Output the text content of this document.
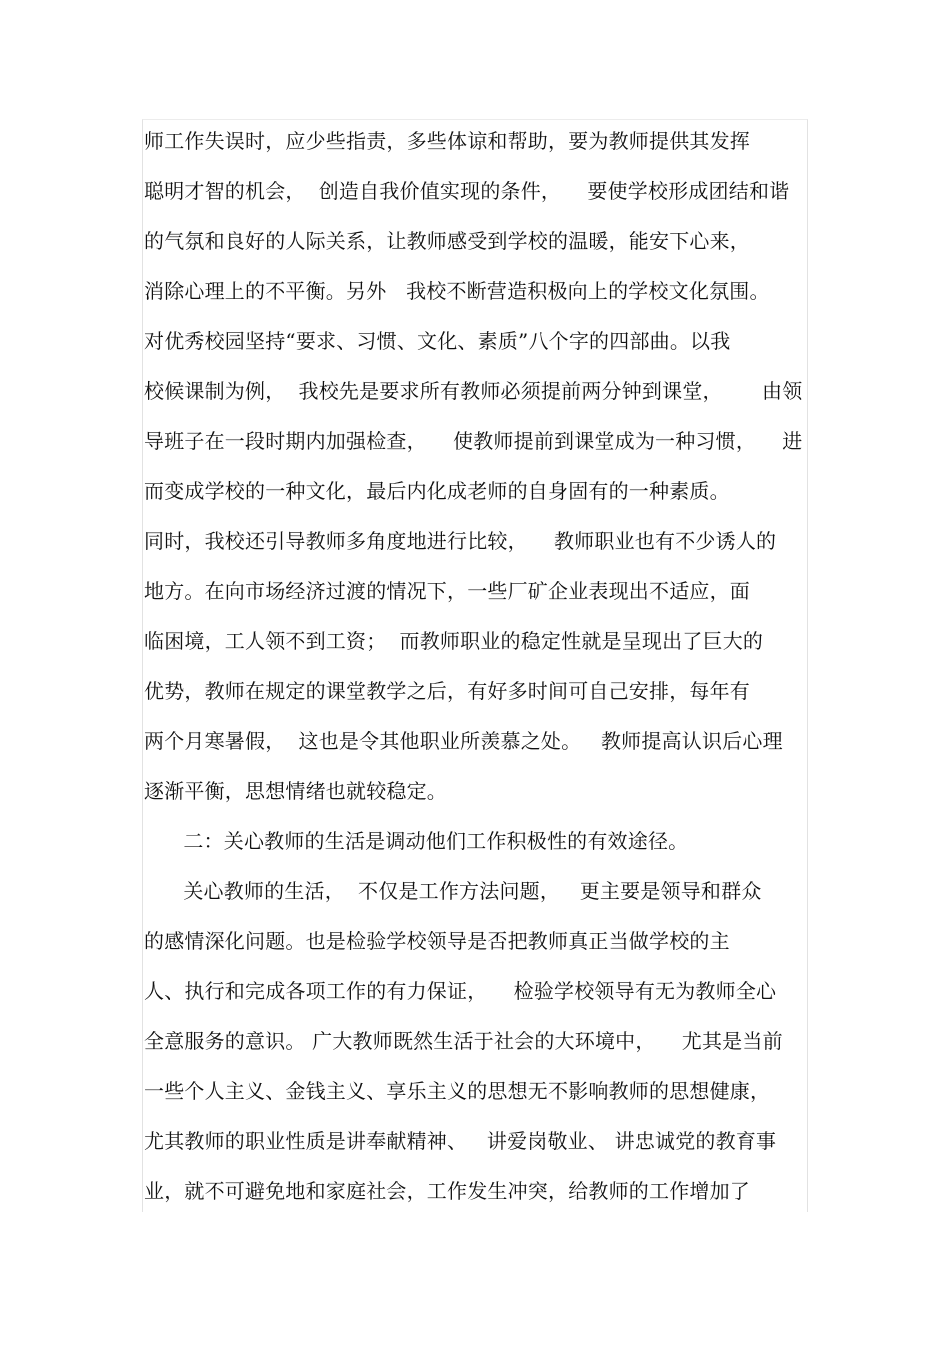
师工作失误时，应少些指责，多些体谅和帮助，要为教师提供其发挥
聪明才智的机会，  创造自我价值实现的条件，    要使学校形成团结和谐
的气氛和良好的人际关系，让教师感受到学校的温暖，能安下心来，
消除心理上的不平衡。另外   我校不断营造积极向上的学校文化氛围。
对优秀校园坚持“要求、习惯、文化、素质”八个字的四部曲。以我
校候课制为例，  我校先是要求所有教师必须提前两分钟到课堂，      由领
导班子在一段时期内加强检查，    使教师提前到课堂成为一种习惯，    进
而变成学校的一种文化，最后内化成老师的自身固有的一种素质。
同时，我校还引导教师多角度地进行比较，    教师职业也有不少诱人的
地方。在向市场经济过渡的情况下，一些厂矿企业表现出不适应，面
临困境，工人领不到工资；  而教师职业的稳定性就是呈现出了巨大的
优势，教师在规定的课堂教学之后，有好多时间可自己安排，每年有
两个月寒暑假，  这也是令其他职业所羡慕之处。   教师提高认识后心理
逐渐平衡，思想情绪也就较稳定。
二：关心教师的生活是调动他们工作积极性的有效途径。
关心教师的生活，  不仅是工作方法问题，   更主要是领导和群众
的感情深化问题。也是检验学校领导是否把教师真正当做学校的主
人、执行和完成各项工作的有力保证，    检验学校领导有无为教师全心
全意服务的意识。 广大教师既然生活于社会的大环境中，    尤其是当前
一些个人主义、金钱主义、享乐主义的思想无不影响教师的思想健康，
尤其教师的职业性质是讲奉献精神、   讲爱岗敬业、 讲忠诚党的教育事
业，就不可避免地和家庭社会，工作发生冲突，给教师的工作增加了
